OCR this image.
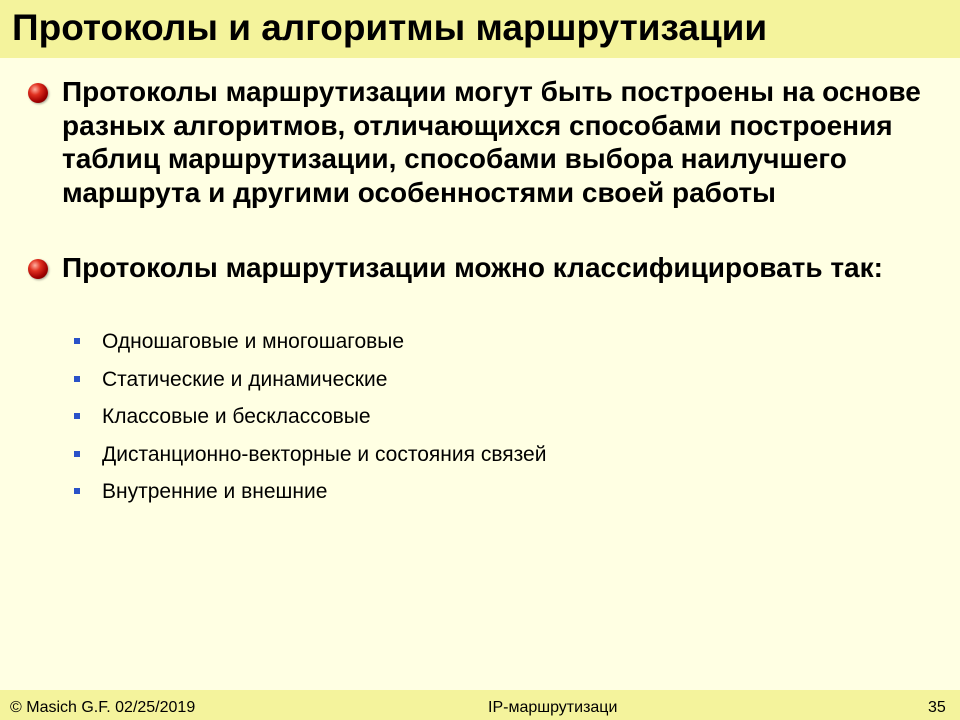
Протоколы и алгоритмы маршрутизации
Протоколы маршрутизации могут быть построены на основе разных алгоритмов, отличающихся способами построения таблиц маршрутизации, способами выбора наилучшего маршрута и другими особенностями своей работы
Протоколы маршрутизации можно классифицировать так:
Одношаговые и многошаговые
Статические и динамические
Классовые и бесклассовые
Дистанционно-векторные и состояния связей
Внутренние и внешние
© Masich G.F. 02/25/2019	IP-маршрутизаци	35
